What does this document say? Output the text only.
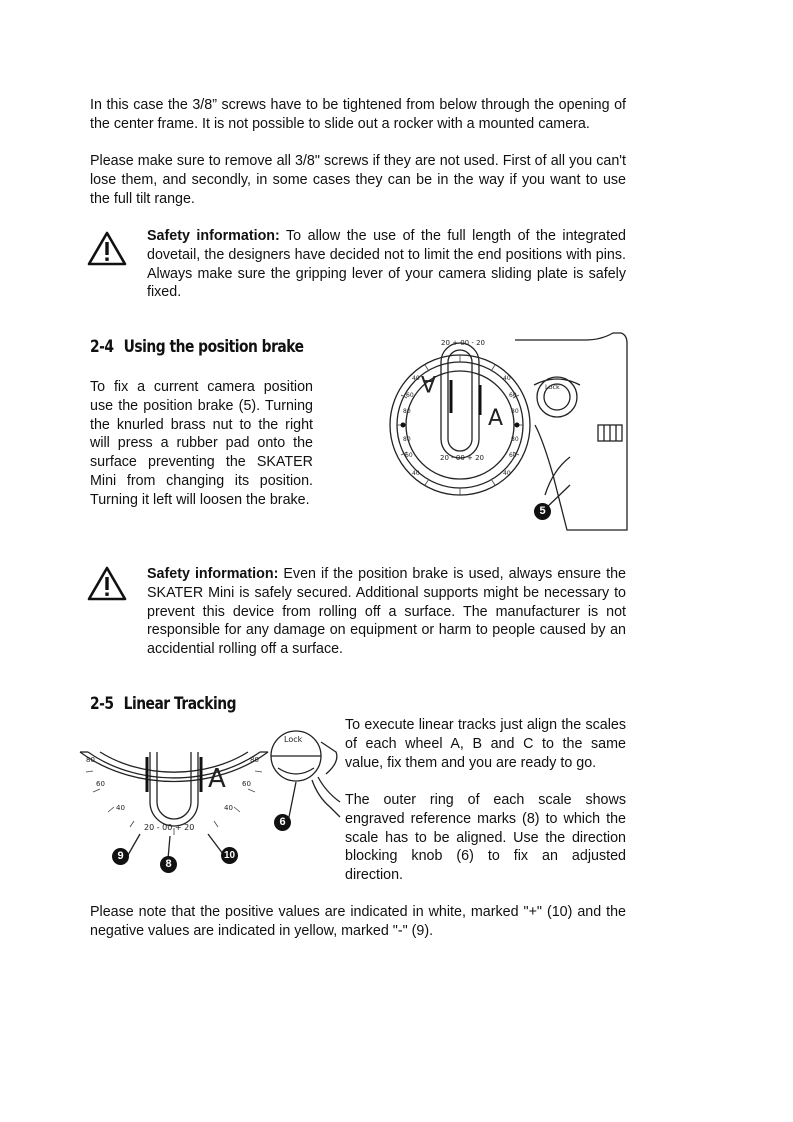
In this case the 3/8” screws have to be tightened from below through the opening of the center frame. It is not possible to slide out a rocker with a mounted camera.

Please make sure to remove all 3/8" screws if they are not used. First of all you can't lose them, and secondly, in some cases they can be in the way if you want to use the full tilt range.

Safety information: To allow the use of the full length of the integrated dovetail, the designers have decided not to limit the end positions with pins. Always make sure the gripping lever of your camera sliding plate is safely fixed.

2-4 Using the position brake

To fix a current camera position use the position brake (5). Turning the knurled brass nut to the right will press a rubber pad onto the surface preventing the SKATER Mini from changing its position. Turning it left will loosen the brake.

A
A
Lock
20 + 00 - 20
20 - 00 + 20
40
60
80
40
60
80
40
60
80
40
60
80
5

Safety information: Even if the position brake is used, always ensure the SKATER Mini is safely secured. Additional supports might be necessary to prevent this device from rolling off a surface. The manufacturer is not responsible for any damage on equipment or harm to people caused by an accidential rolling off a surface.

2-5 Linear Tracking

To execute linear tracks just align the scales of each wheel A, B and C to the same value, fix them and you are ready to go.

The outer ring of each scale shows engraved reference marks (8) to which the scale has to be aligned. Use the direction blocking knob (6) to fix an adjusted direction.

A
Lock
20 - 00 + 20
80
60
40	40
60
80
6
9
8
10

Please note that the positive values are indicated in white, marked "+" (10) and the negative values are indicated in yellow, marked "-" (9).
